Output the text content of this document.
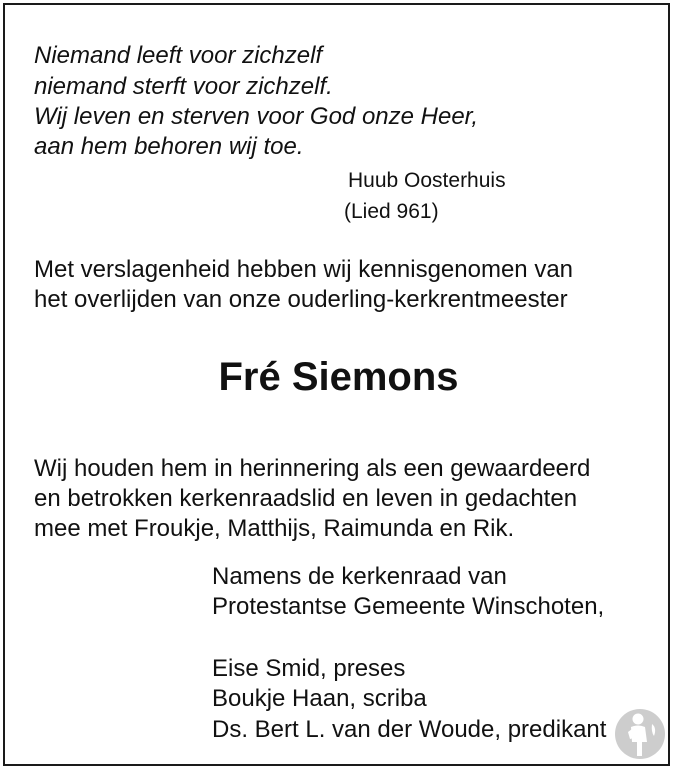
Niemand leeft voor zichzelf
niemand sterft voor zichzelf.
Wij leven en sterven voor God onze Heer,
aan hem behoren wij toe.
Huub Oosterhuis
(Lied 961)
Met verslagenheid hebben wij kennisgenomen van
het overlijden van onze ouderling-kerkrentmeester
Fré Siemons
Wij houden hem in herinnering als een gewaardeerd
en betrokken kerkenraadslid en leven in gedachten
mee met Froukje, Matthijs, Raimunda en Rik.
Namens de kerkenraad van
Protestantse Gemeente Winschoten,
Eise Smid, preses
Boukje Haan, scriba
Ds. Bert L. van der Woude, predikant
